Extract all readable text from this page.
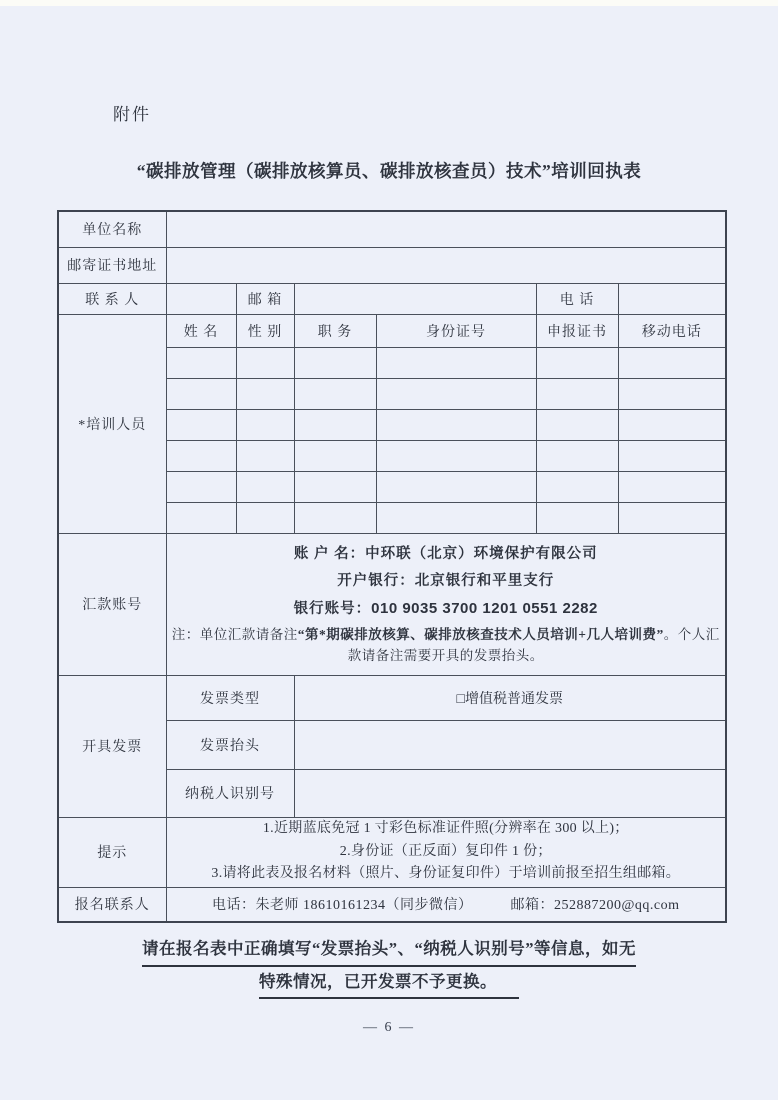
附件
“碳排放管理（碳排放核算员、碳排放核查员）技术”培训回执表
单位名称						
邮寄证书地址						
联 系 人		邮 箱			电 话	
*培训人员	姓 名	性 别	职 务	身份证号	申报证书	移动电话

汇款账号	账 户 名：中环联（北京）环境保护有限公司
开户银行：北京银行和平里支行
银行账号：010 9035 3700 1201 0551 2282
注：单位汇款请备注“第*期碳排放核算、碳排放核查技术人员培训+几人培训费”。个人汇款请备注需要开具的发票抬头。					

开具发票	发票类型		□增值税普通发票			
	发票抬头					
	纳税人识别号					
提示	1.近期蓝底免冠 1 寸彩色标准证件照(分辨率在 300 以上)；
2.身份证（正反面）复印件 1 份；
3.请将此表及报名材料（照片、身份证复印件）于培训前报至招生组邮箱。					

报名联系人	电话：朱老师 18610161234（同步微信） 邮箱：252887200@qq.com					
请在报名表中正确填写“发票抬头”、“纳税人识别号”等信息，如无
特殊情况，已开发票不予更换。
— 6 —
